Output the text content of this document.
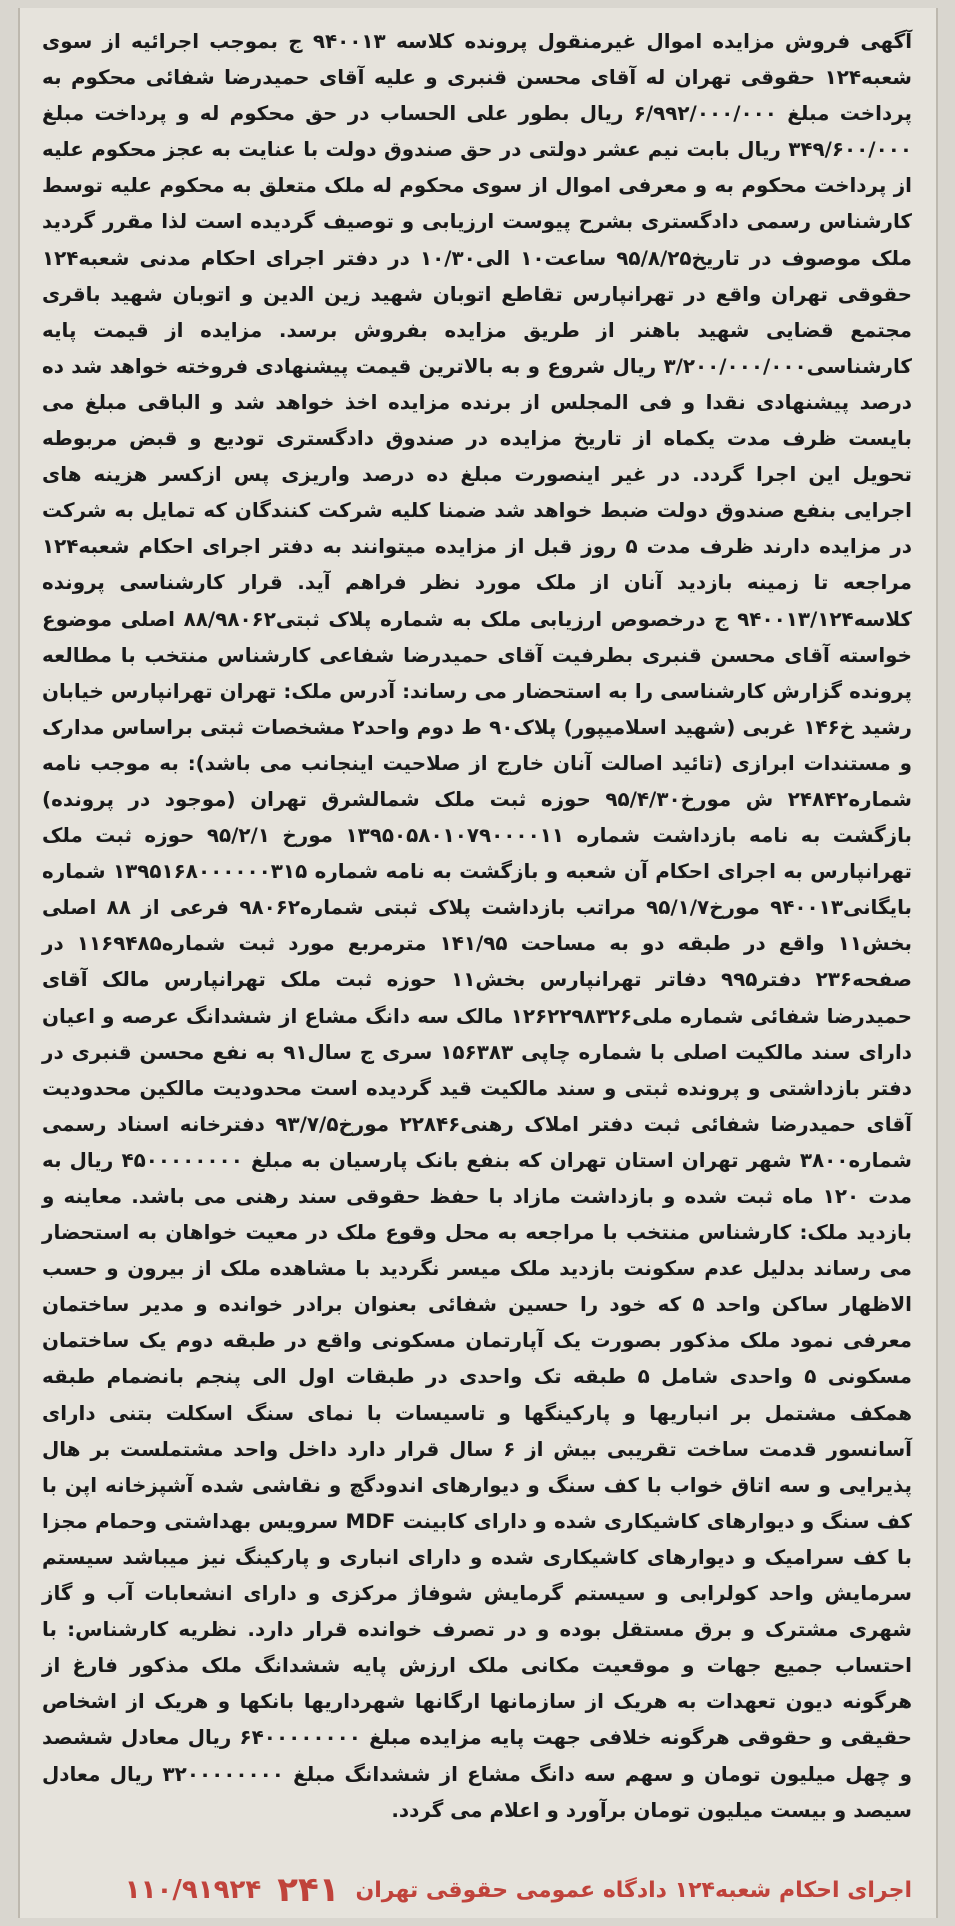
آگهی فروش مزایده اموال غیرمنقول پرونده کلاسه ۹۴۰۰۱۳ ج بموجب اجرائیه از سوی شعبه۱۲۴ حقوقی تهران له آقای محسن قنبری و علیه آقای حمیدرضا شفائی محکوم به پرداخت مبلغ ۶/۹۹۲/۰۰۰/۰۰۰ ریال بطور علی الحساب در حق محکوم له و پرداخت مبلغ ۳۴۹/۶۰۰/۰۰۰ ریال بابت نیم عشر دولتی در حق صندوق دولت با عنایت به عجز محکوم علیه از پرداخت محکوم به و معرفی اموال از سوی محکوم له ملک متعلق به محکوم علیه توسط کارشناس رسمی دادگستری بشرح پیوست ارزیابی و توصیف گردیده است لذا مقرر گردید ملک موصوف در تاریخ۹۵/۸/۲۵ ساعت۱۰ الی۱۰/۳۰ در دفتر اجرای احکام مدنی شعبه۱۲۴ حقوقی تهران واقع در تهرانپارس تقاطع اتوبان شهید زین الدین و اتوبان شهید باقری مجتمع قضایی شهید باهنر از طریق مزایده بفروش برسد. مزایده از قیمت پایه کارشناسی۳/۲۰۰/۰۰۰/۰۰۰ ریال شروع و به بالاترین قیمت پیشنهادی فروخته خواهد شد ده درصد پیشنهادی نقدا و فی المجلس از برنده مزایده اخذ خواهد شد و الباقی مبلغ می بایست ظرف مدت یکماه از تاریخ مزایده در صندوق دادگستری تودیع و قبض مربوطه تحویل این اجرا گردد. در غیر اینصورت مبلغ ده درصد واریزی پس ازکسر هزینه های اجرایی بنفع صندوق دولت ضبط خواهد شد ضمنا کلیه شرکت کنندگان که تمایل به شرکت در مزایده دارند ظرف مدت ۵ روز قبل از مزایده میتوانند به دفتر اجرای احکام شعبه۱۲۴ مراجعه تا زمینه بازدید آنان از ملک مورد نظر فراهم آید. قرار کارشناسی پرونده کلاسه۹۴۰۰۱۳/۱۲۴ ج درخصوص ارزیابی ملک به شماره پلاک ثبتی۸۸/۹۸۰۶۲ اصلی موضوع خواسته آقای محسن قنبری بطرفیت آقای حمیدرضا شفاعی کارشناس منتخب با مطالعه پرونده گزارش کارشناسی را به استحضار می رساند: آدرس ملک: تهران تهرانپارس خیابان رشید خ۱۴۶ غربی (شهید اسلامیپور) پلاک۹۰ ط دوم واحد۲ مشخصات ثبتی براساس مدارک و مستندات ابرازی (تائید اصالت آنان خارج از صلاحیت اینجانب می باشد): به موجب نامه شماره۲۴۸۴۲ ش مورخ۹۵/۴/۳۰ حوزه ثبت ملک شمالشرق تهران (موجود در پرونده) بازگشت به نامه بازداشت شماره ۱۳۹۵۰۵۸۰۱۰۷۹۰۰۰۰۱۱ مورخ ۹۵/۲/۱ حوزه ثبت ملک تهرانپارس به اجرای احکام آن شعبه و بازگشت به نامه شماره ۱۳۹۵۱۶۸۰۰۰۰۰۰۳۱۵ شماره بایگانی۹۴۰۰۱۳ مورخ۹۵/۱/۷ مراتب بازداشت پلاک ثبتی شماره۹۸۰۶۲ فرعی از ۸۸ اصلی بخش۱۱ واقع در طبقه دو به مساحت ۱۴۱/۹۵ مترمربع مورد ثبت شماره۱۱۶۹۴۸۵ در صفحه۲۳۶ دفتر۹۹۵ دفاتر تهرانپارس بخش۱۱ حوزه ثبت ملک تهرانپارس مالک آقای حمیدرضا شفائی شماره ملی۱۲۶۲۲۹۸۳۲۶ مالک سه دانگ مشاع از ششدانگ عرصه و اعیان دارای سند مالکیت اصلی با شماره چاپی ۱۵۶۳۸۳ سری ج سال۹۱ به نفع محسن قنبری در دفتر بازداشتی و پرونده ثبتی و سند مالکیت قید گردیده است محدودیت مالکین محدودیت آقای حمیدرضا شفائی ثبت دفتر املاک رهنی۲۲۸۴۶ مورخ۹۳/۷/۵ دفترخانه اسناد رسمی شماره۳۸۰۰ شهر تهران استان تهران که بنفع بانک پارسیان به مبلغ ۴۵۰۰۰۰۰۰۰۰ ریال به مدت ۱۲۰ ماه ثبت شده و بازداشت مازاد با حفظ حقوقی سند رهنی می باشد. معاینه و بازدید ملک: کارشناس منتخب با مراجعه به محل وقوع ملک در معیت خواهان به استحضار می رساند بدلیل عدم سکونت بازدید ملک میسر نگردید با مشاهده ملک از بیرون و حسب الاظهار ساکن واحد ۵ که خود را حسین شفائی بعنوان برادر خوانده و مدیر ساختمان معرفی نمود ملک مذکور بصورت یک آپارتمان مسکونی واقع در طبقه دوم یک ساختمان مسکونی ۵ واحدی شامل ۵ طبقه تک واحدی در طبقات اول الی پنجم بانضمام طبقه همکف مشتمل بر انباریها و پارکینگها و تاسیسات با نمای سنگ اسکلت بتنی دارای آسانسور قدمت ساخت تقریبی بیش از ۶ سال قرار دارد داخل واحد مشتملست بر هال پذیرایی و سه اتاق خواب با کف سنگ و دیوارهای اندودگچ و نقاشی شده آشپزخانه اپن با کف سنگ و دیوارهای کاشیکاری شده و دارای کابینت MDF سرویس بهداشتی وحمام مجزا با کف سرامیک و دیوارهای کاشیکاری شده و دارای انباری و پارکینگ نیز میباشد سیستم سرمایش واحد کولرابی و سیستم گرمایش شوفاژ مرکزی و دارای انشعابات آب و گاز شهری مشترک و برق مستقل بوده و در تصرف خوانده قرار دارد. نظریه کارشناس: با احتساب جمیع جهات و موقعیت مکانی ملک ارزش پایه ششدانگ ملک مذکور فارغ از هرگونه دیون تعهدات به هریک از سازمانها ارگانها شهرداریها بانکها و هریک از اشخاص حقیقی و حقوقی هرگونه خلافی جهت پایه مزایده مبلغ ۶۴۰۰۰۰۰۰۰۰ ریال معادل ششصد و چهل میلیون تومان و سهم سه دانگ مشاع از ششدانگ مبلغ ۳۲۰۰۰۰۰۰۰۰ ریال معادل سیصد و بیست میلیون تومان برآورد و اعلام می گردد.

اجرای احکام شعبه۱۲۴ دادگاه عمومی حقوقی تهران
۲۴۱
۱۱۰/۹۱۹۲۴
